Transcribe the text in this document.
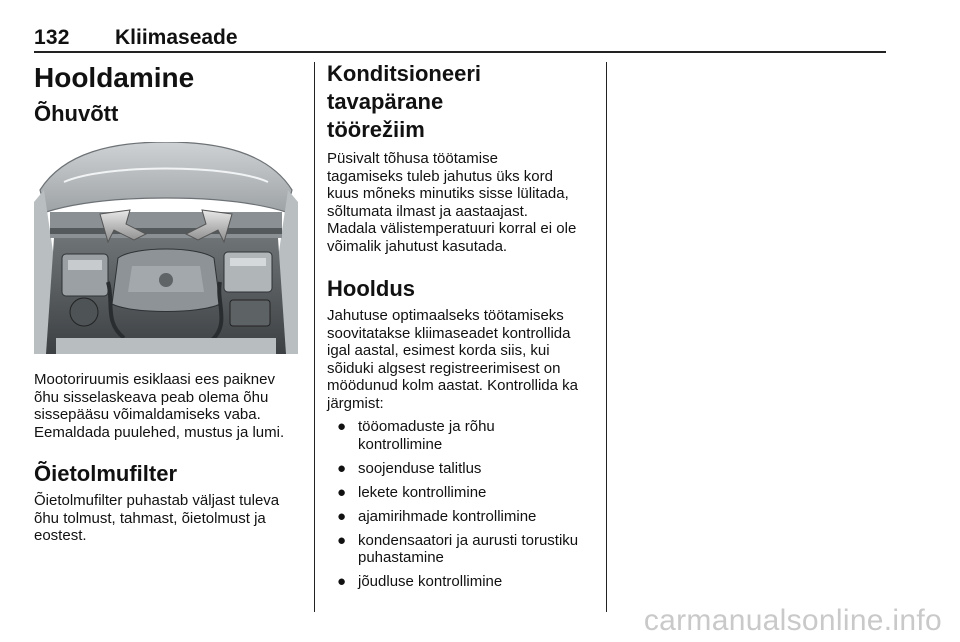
132 Kliimaseade
Hooldamine
Õhuvõtt

Mootoriruumis esiklaasi ees paiknev

õhu sisselaskeava peab olema õhu

sissepääsu võimaldamiseks vaba.

Eemaldada puulehed, mustus ja lumi.

Õietolmufilter

Õietolmufilter puhastab väljast tuleva

õhu tolmust, tahmast, õietolmust ja

eostest.

Konditsioneeri tavapärane
töörežiim

Püsivalt tõhusa töötamise

tagamiseks tuleb jahutus üks kord

kuus mõneks minutiks sisse lülitada,

sõltumata ilmast ja aastaajast.

Madala välistemperatuuri korral ei ole

võimalik jahutust kasutada.

Hooldus

Jahutuse optimaalseks töötamiseks

soovitatakse kliimaseadet kontrollida

igal aastal, esimest korda siis, kui

sõiduki algsest registreerimisest on

möödunud kolm aastat. Kontrollida ka

järgmist:

● tööomaduste ja rõhu
kontrollimine
● soojenduse talitlus
● lekete kontrollimine
● ajamirihmade kontrollimine
● kondensaatori ja aurusti torustiku
puhastamine
● jõudluse kontrollimine
carmanualsonline.info
